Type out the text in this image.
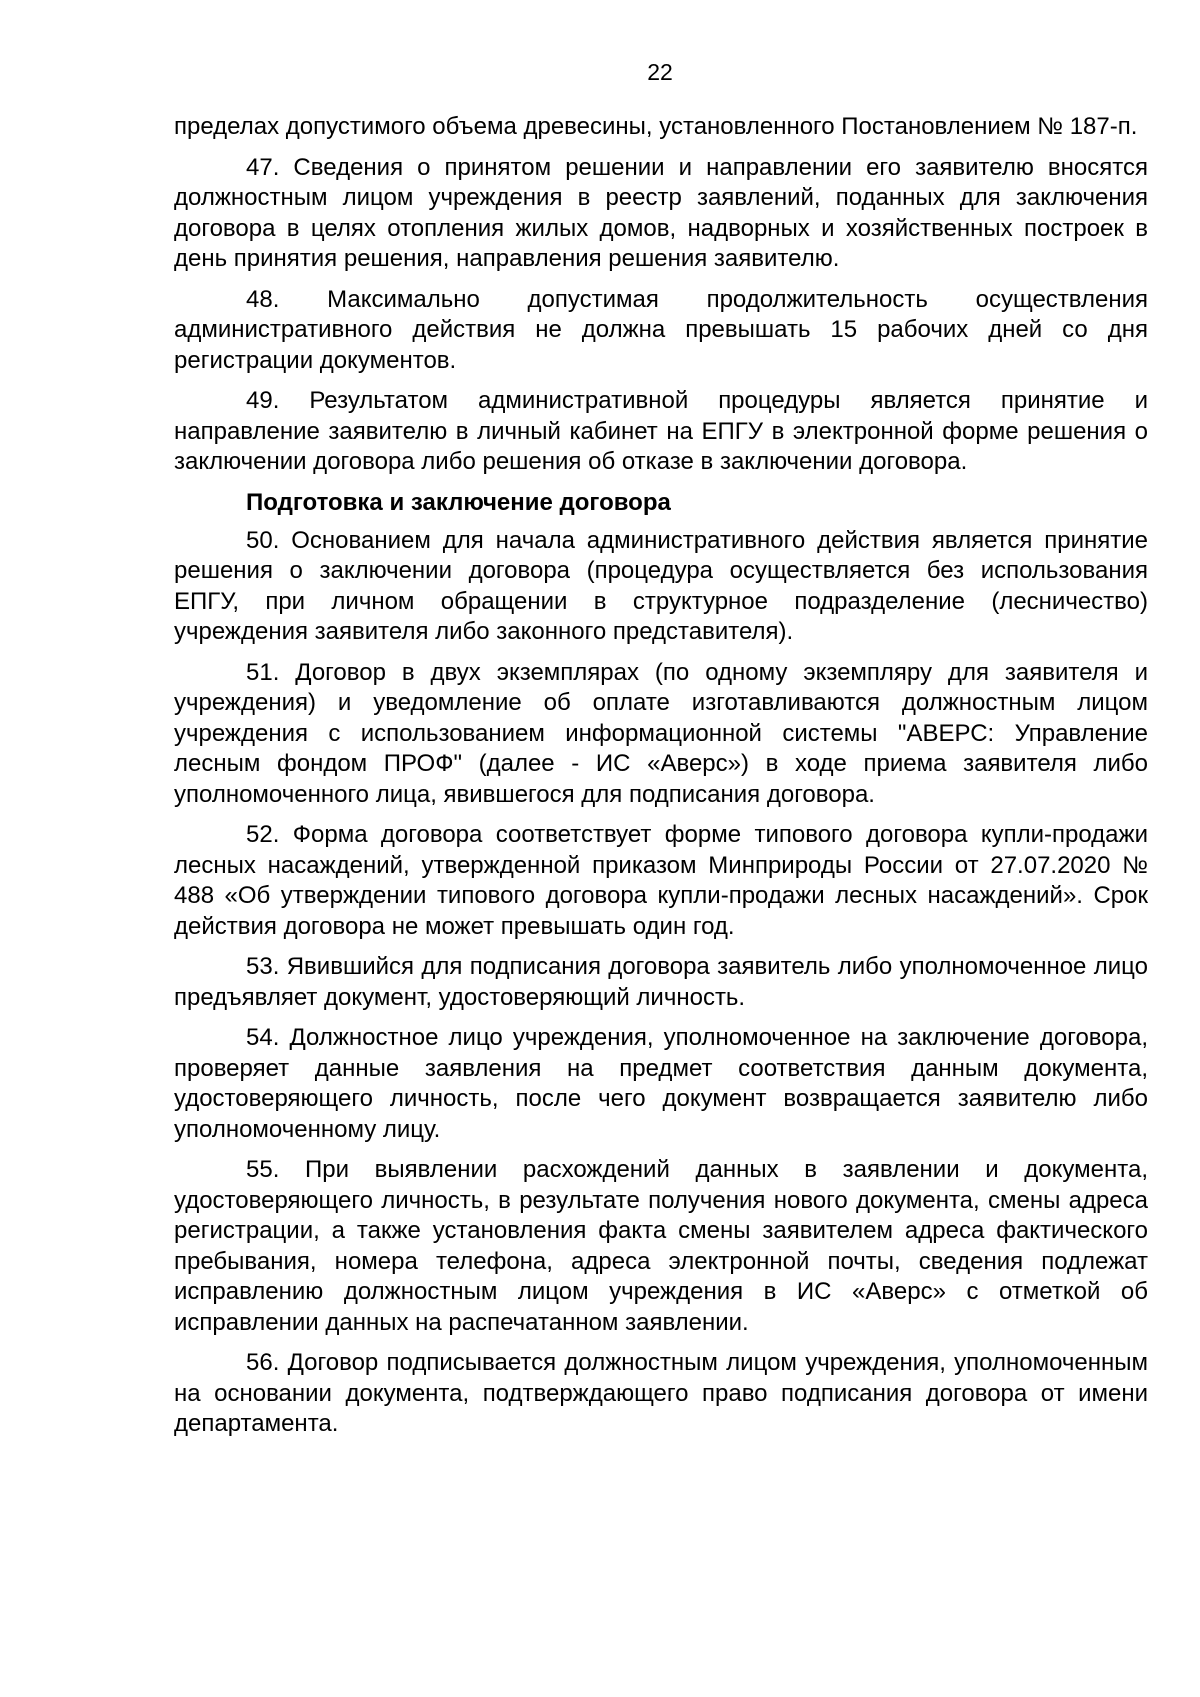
22

пределах допустимого объема древесины, установленного Постановлением № 187-п.

47. Сведения о принятом решении и направлении его заявителю вносятся должностным лицом учреждения в реестр заявлений, поданных для заключения договора в целях отопления жилых домов, надворных и хозяйственных построек в день принятия решения, направления решения заявителю.

48. Максимально допустимая продолжительность осуществления административного действия не должна превышать 15 рабочих дней со дня регистрации документов.

49. Результатом административной процедуры является принятие и направление заявителю в личный кабинет на ЕПГУ в электронной форме решения о заключении договора либо решения об отказе в заключении договора.

Подготовка и заключение договора

50. Основанием для начала административного действия является принятие решения о заключении договора (процедура осуществляется без использования ЕПГУ, при личном обращении в структурное подразделение (лесничество) учреждения заявителя либо законного представителя).

51. Договор в двух экземплярах (по одному экземпляру для заявителя и учреждения) и уведомление об оплате изготавливаются должностным лицом учреждения с использованием информационной системы "АВЕРС: Управление лесным фондом ПРОФ" (далее - ИС «Аверс») в ходе приема заявителя либо уполномоченного лица, явившегося для подписания договора.

52. Форма договора соответствует форме типового договора купли-продажи лесных насаждений, утвержденной приказом Минприроды России от 27.07.2020 № 488 «Об утверждении типового договора купли-продажи лесных насаждений». Срок действия договора не может превышать один год.

53. Явившийся для подписания договора заявитель либо уполномоченное лицо предъявляет документ, удостоверяющий личность.

54. Должностное лицо учреждения, уполномоченное на заключение договора, проверяет данные заявления на предмет соответствия данным документа, удостоверяющего личность, после чего документ возвращается заявителю либо уполномоченному лицу.

55. При выявлении расхождений данных в заявлении и документа, удостоверяющего личность, в результате получения нового документа, смены адреса регистрации, а также установления факта смены заявителем адреса фактического пребывания, номера телефона, адреса электронной почты, сведения подлежат исправлению должностным лицом учреждения в ИС «Аверс» с отметкой об исправлении данных на распечатанном заявлении.

56. Договор подписывается должностным лицом учреждения, уполномоченным на основании документа, подтверждающего право подписания договора от имени департамента.
